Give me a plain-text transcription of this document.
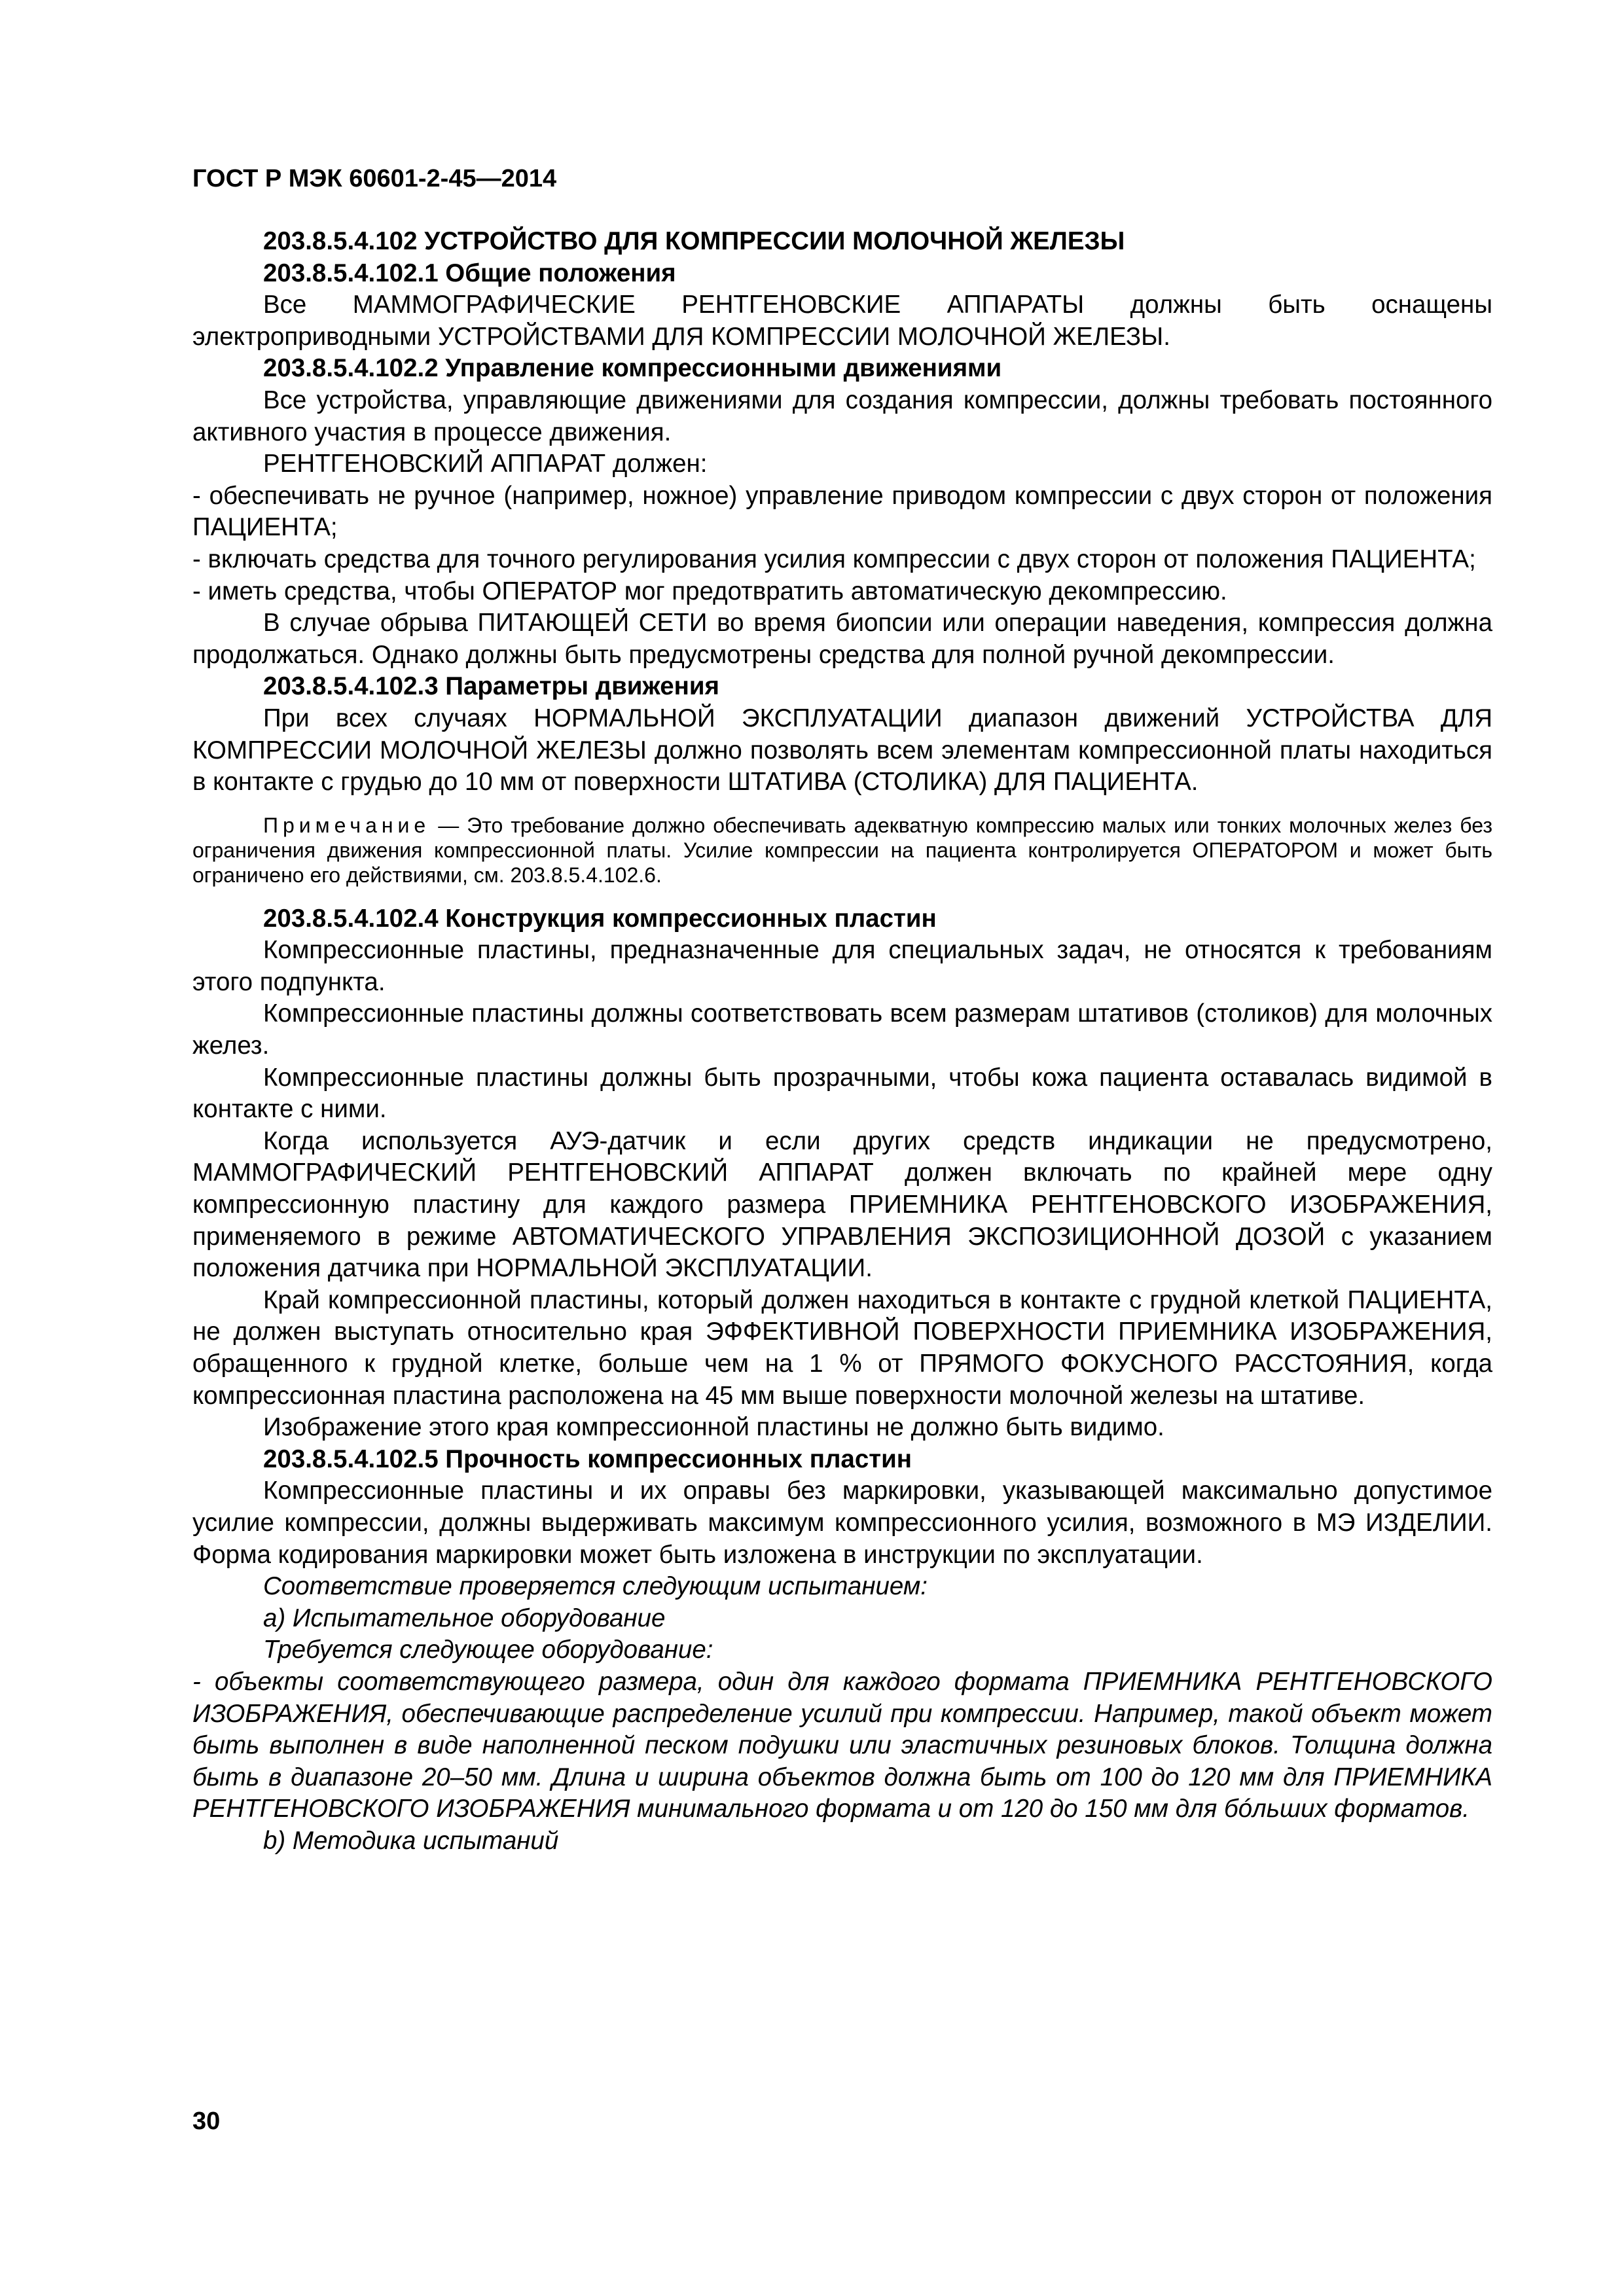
ГОСТ Р МЭК 60601-2-45—2014

203.8.5.4.102 УСТРОЙСТВО ДЛЯ КОМПРЕССИИ МОЛОЧНОЙ ЖЕЛЕЗЫ

203.8.5.4.102.1 Общие положения

Все МАММОГРАФИЧЕСКИЕ РЕНТГЕНОВСКИЕ АППАРАТЫ должны быть оснащены электроприводными УСТРОЙСТВАМИ ДЛЯ КОМПРЕССИИ МОЛОЧНОЙ ЖЕЛЕЗЫ.

203.8.5.4.102.2 Управление компрессионными движениями

Все устройства, управляющие движениями для создания компрессии, должны требовать постоянного активного участия в процессе движения.

РЕНТГЕНОВСКИЙ АППАРАТ должен:

- обеспечивать не ручное (например, ножное) управление приводом компрессии с двух сторон от положения ПАЦИЕНТА;

- включать средства для точного регулирования усилия компрессии с двух сторон от положения ПАЦИЕНТА;

- иметь средства, чтобы ОПЕРАТОР мог предотвратить автоматическую декомпрессию.

В случае обрыва ПИТАЮЩЕЙ СЕТИ во время биопсии или операции наведения, компрессия должна продолжаться. Однако должны быть предусмотрены средства для полной ручной декомпрессии.

203.8.5.4.102.3 Параметры движения

При всех случаях НОРМАЛЬНОЙ ЭКСПЛУАТАЦИИ диапазон движений УСТРОЙСТВА ДЛЯ КОМПРЕССИИ МОЛОЧНОЙ ЖЕЛЕЗЫ должно позволять всем элементам компрессионной платы находиться в контакте с грудью до 10 мм от поверхности ШТАТИВА (СТОЛИКА) ДЛЯ ПАЦИЕНТА.

Примечание — Это требование должно обеспечивать адекватную компрессию малых или тонких молочных желез без ограничения движения компрессионной платы. Усилие компрессии на пациента контролируется ОПЕРАТОРОМ и может быть ограничено его действиями, см. 203.8.5.4.102.6.

203.8.5.4.102.4 Конструкция компрессионных пластин

Компрессионные пластины, предназначенные для специальных задач, не относятся к требованиям этого подпункта.

Компрессионные пластины должны соответствовать всем размерам штативов (столиков) для молочных желез.

Компрессионные пластины должны быть прозрачными, чтобы кожа пациента оставалась видимой в контакте с ними.

Когда используется АУЭ-датчик и если других средств индикации не предусмотрено, МАММОГРАФИЧЕСКИЙ РЕНТГЕНОВСКИЙ АППАРАТ должен включать по крайней мере одну компрессионную пластину для каждого размера ПРИЕМНИКА РЕНТГЕНОВСКОГО ИЗОБРАЖЕНИЯ, применяемого в режиме АВТОМАТИЧЕСКОГО УПРАВЛЕНИЯ ЭКСПОЗИЦИОННОЙ ДОЗОЙ с указанием положения датчика при НОРМАЛЬНОЙ ЭКСПЛУАТАЦИИ.

Край компрессионной пластины, который должен находиться в контакте с грудной клеткой ПАЦИЕНТА, не должен выступать относительно края ЭФФЕКТИВНОЙ ПОВЕРХНОСТИ ПРИЕМНИКА ИЗОБРАЖЕНИЯ, обращенного к грудной клетке, больше чем на 1 % от ПРЯМОГО ФОКУСНОГО РАССТОЯНИЯ, когда компрессионная пластина расположена на 45 мм выше поверхности молочной железы на штативе.

Изображение этого края компрессионной пластины не должно быть видимо.

203.8.5.4.102.5 Прочность компрессионных пластин

Компрессионные пластины и их оправы без маркировки, указывающей максимально допустимое усилие компрессии, должны выдерживать максимум компрессионного усилия, возможного в МЭ ИЗДЕЛИИ. Форма кодирования маркировки может быть изложена в инструкции по эксплуатации.

Соответствие проверяется следующим испытанием:

a) Испытательное оборудование

Требуется следующее оборудование:

- объекты соответствующего размера, один для каждого формата ПРИЕМНИКА РЕНТГЕНОВСКОГО ИЗОБРАЖЕНИЯ, обеспечивающие распределение усилий при компрессии. Например, такой объект может быть выполнен в виде наполненной песком подушки или эластичных резиновых блоков. Толщина должна быть в диапазоне 20–50 мм. Длина и ширина объектов должна быть от 100 до 120 мм для ПРИЕМНИКА РЕНТГЕНОВСКОГО ИЗОБРАЖЕНИЯ минимального формата и от 120 до 150 мм для бóльших форматов.

b) Методика испытаний

30
